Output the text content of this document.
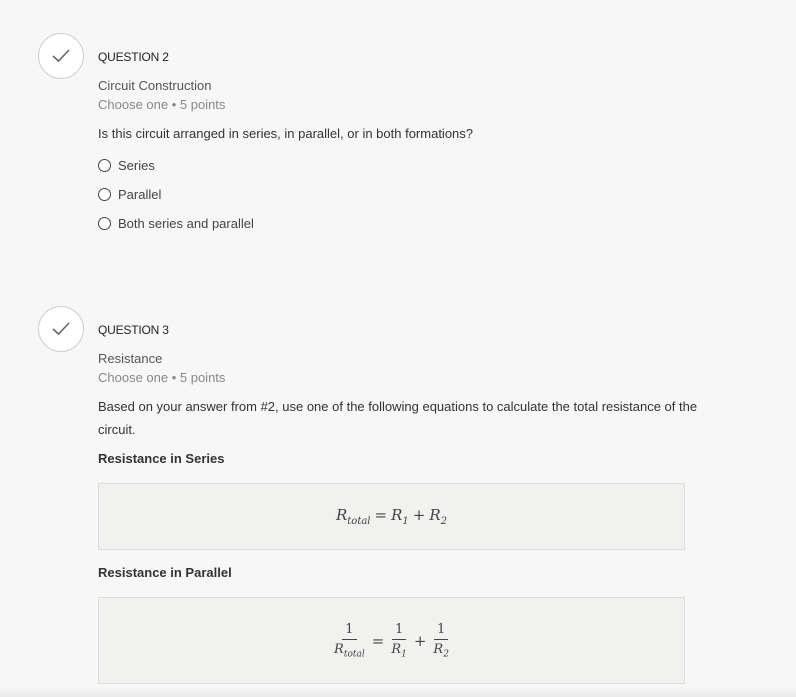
QUESTION 2
Circuit Construction
Choose one • 5 points
Is this circuit arranged in series, in parallel, or in both formations?
Series
Parallel
Both series and parallel
QUESTION 3
Resistance
Choose one • 5 points
Based on your answer from #2, use one of the following equations to calculate the total resistance of the circuit.
Resistance in Series
$R_{total} = R_1 + R_2$
Resistance in Parallel
$\frac{1}{R_{total}} = \frac{1}{R_1} + \frac{1}{R_2}$
